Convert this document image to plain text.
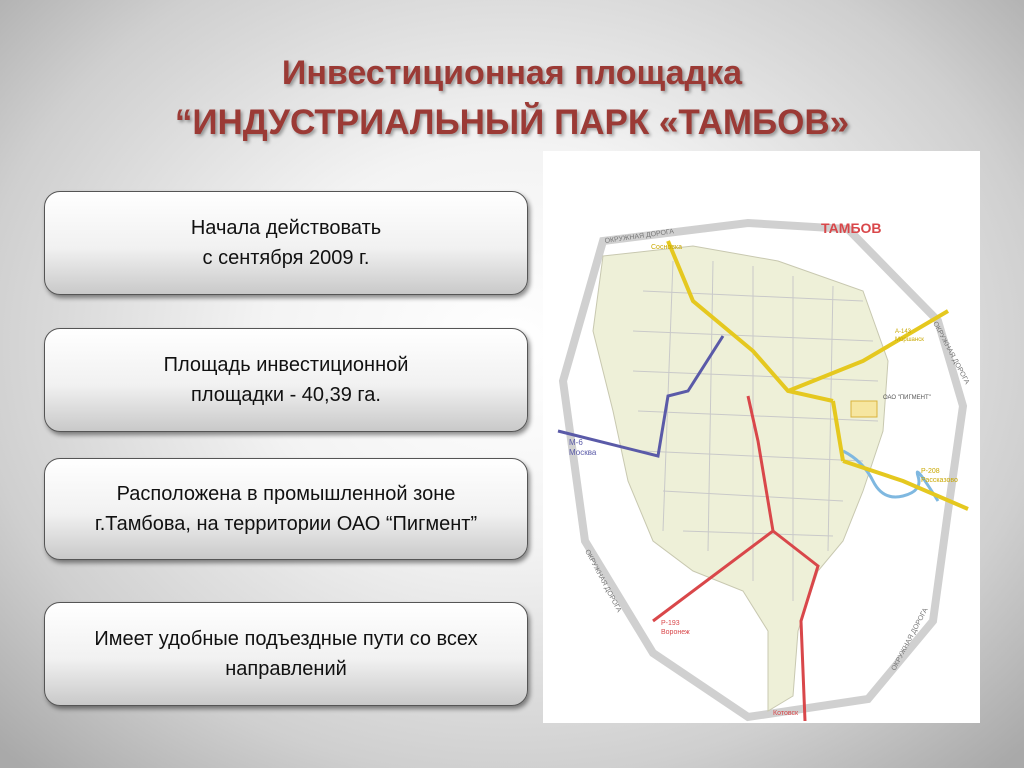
Инвестиционная площадка
“ИНДУСТРИАЛЬНЫЙ ПАРК «ТАМБОВ»
Начала действовать
с сентября 2009 г.
Площадь инвестиционной
площадки - 40,39 га.
Расположена в промышленной зоне
г.Тамбова, на территории ОАО “Пигмент”
Имеет удобные подъездные пути со всех
направлений
ТАМБОВ
ОКРУЖНАЯ ДОРОГА
ОКРУЖНАЯ ДОРОГА
ОКРУЖНАЯ ДОРОГА
ОКРУЖНАЯ ДОРОГА
Сосновка
М-6
Москва
А-143
Моршанск
ОАО "ПИГМЕНТ"
Р-208
Рассказово
Р-193
Воронеж
Котовск
